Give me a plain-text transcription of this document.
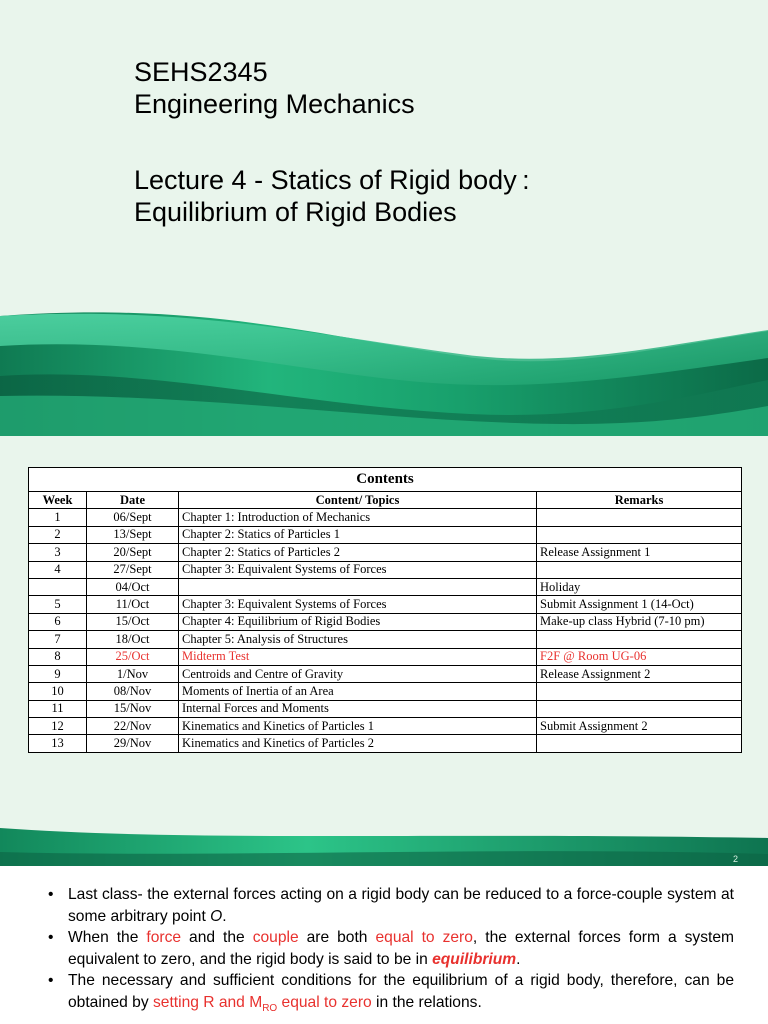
SEHS2345
Engineering Mechanics
Lecture 4 - Statics of Rigid body :
Equilibrium of Rigid Bodies
2
Contents			
Week	Date	Content/ Topics	Remarks
1	06/Sept	Chapter 1: Introduction of Mechanics	
2	13/Sept	Chapter 2: Statics of Particles 1	
3	20/Sept	Chapter 2: Statics of Particles 2	Release Assignment 1
4	27/Sept	Chapter 3: Equivalent Systems of Forces	
	04/Oct		Holiday
5	11/Oct	Chapter 3: Equivalent Systems of Forces	Submit Assignment 1 (14-Oct)
6	15/Oct	Chapter 4: Equilibrium of Rigid Bodies	Make-up class Hybrid (7-10 pm)
7	18/Oct	Chapter 5: Analysis of Structures	
8	25/Oct	Midterm Test	F2F @ Room UG-06
9	1/Nov	Centroids and Centre of Gravity	Release Assignment 2
10	08/Nov	Moments of Inertia of an Area	
11	15/Nov	Internal Forces and Moments	
12	22/Nov	Kinematics and Kinetics of Particles 1	Submit Assignment 2
13	29/Nov	Kinematics and Kinetics of Particles 2	
• Last class- the external forces acting on a rigid body can be reduced to a force-couple system at some arbitrary point O.
• When the force and the couple are both equal to zero, the external forces form a system equivalent to zero, and the rigid body is said to be in equilibrium.
• The necessary and sufficient conditions for the equilibrium of a rigid body, therefore, can be obtained by setting R and $M_{RO}$ equal to zero in the relations.
